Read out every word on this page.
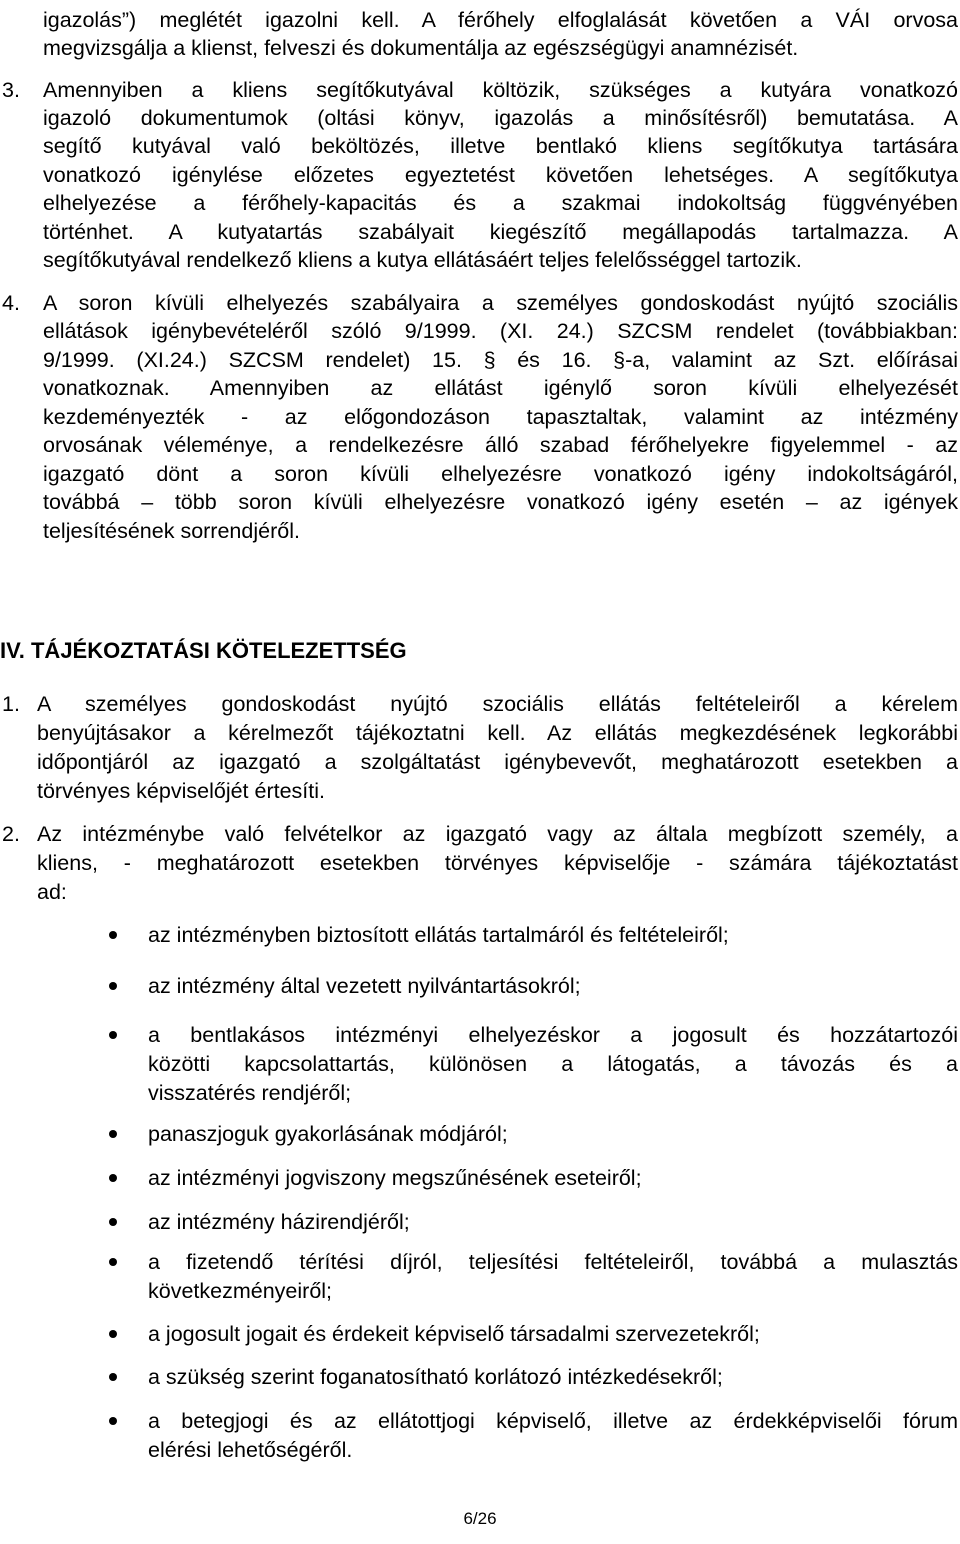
igazolás”) meglétét igazolni kell. A férőhely elfoglalását követően a VÁI orvosa
megvizsgálja a klienst, felveszi és dokumentálja az egészségügyi anamnézisét.
3. Amennyiben a kliens segítőkutyával költözik, szükséges a kutyára vonatkozó
igazoló dokumentumok (oltási könyv, igazolás a minősítésről) bemutatása. A
segítő kutyával való beköltözés, illetve bentlakó kliens segítőkutya tartására
vonatkozó igénylése előzetes egyeztetést követően lehetséges. A segítőkutya
elhelyezése a férőhely-kapacitás és a szakmai indokoltság függvényében
történhet. A kutyatartás szabályait kiegészítő megállapodás tartalmazza. A
segítőkutyával rendelkező kliens a kutya ellátásáért teljes felelősséggel tartozik.
4. A soron kívüli elhelyezés szabályaira a személyes gondoskodást nyújtó szociális
ellátások igénybevételéről szóló 9/1999. (XI. 24.) SZCSM rendelet (továbbiakban:
9/1999. (XI.24.) SZCSM rendelet) 15. § és 16. §-a, valamint az Szt. előírásai
vonatkoznak. Amennyiben az ellátást igénylő soron kívüli elhelyezését
kezdeményezték - az előgondozáson tapasztaltak, valamint az intézmény
orvosának véleménye, a rendelkezésre álló szabad férőhelyekre figyelemmel - az
igazgató dönt a soron kívüli elhelyezésre vonatkozó igény indokoltságáról,
továbbá – több soron kívüli elhelyezésre vonatkozó igény esetén – az igények
teljesítésének sorrendjéről.
IV. TÁJÉKOZTATÁSI KÖTELEZETTSÉG
1. A személyes gondoskodást nyújtó szociális ellátás feltételeiről a kérelem
benyújtásakor a kérelmezőt tájékoztatni kell. Az ellátás megkezdésének legkorábbi
időpontjáról az igazgató a szolgáltatást igénybevevőt, meghatározott esetekben a
törvényes képviselőjét értesíti.
2. Az intézménybe való felvételkor az igazgató vagy az általa megbízott személy, a
kliens, - meghatározott esetekben törvényes képviselője - számára tájékoztatást
ad:
az intézményben biztosított ellátás tartalmáról és feltételeiről;
az intézmény által vezetett nyilvántartásokról;
a bentlakásos intézményi elhelyezéskor a jogosult és hozzátartozói
közötti kapcsolattartás, különösen a látogatás, a távozás és a
visszatérés rendjéről;
panaszjoguk gyakorlásának módjáról;
az intézményi jogviszony megszűnésének eseteiről;
az intézmény házirendjéről;
a fizetendő térítési díjról, teljesítési feltételeiről, továbbá a mulasztás
következményeiről;
a jogosult jogait és érdekeit képviselő társadalmi szervezetekről;
a szükség szerint foganatosítható korlátozó intézkedésekről;
a betegjogi és az ellátottjogi képviselő, illetve az érdekképviselői fórum
elérési lehetőségéről.
6/26
